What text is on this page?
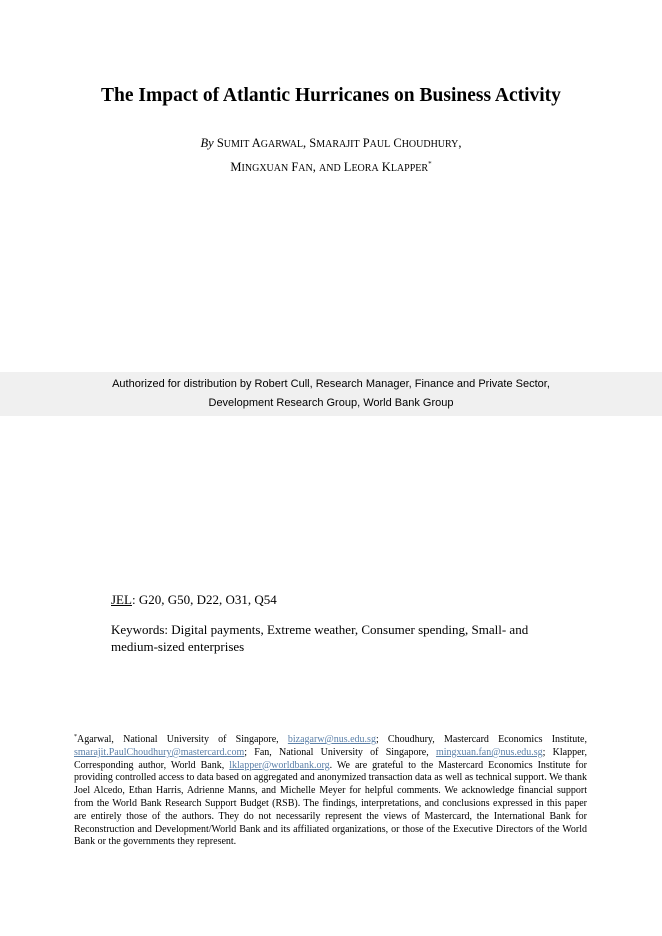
The Impact of Atlantic Hurricanes on Business Activity
By SUMIT AGARWAL, SMARAJIT PAUL CHOUDHURY,
MINGXUAN FAN, AND LEORA KLAPPER*
Authorized for distribution by Robert Cull, Research Manager, Finance and Private Sector,
Development Research Group, World Bank Group
JEL: G20, G50, D22, O31, Q54
Keywords: Digital payments, Extreme weather, Consumer spending, Small- and medium-sized enterprises
*Agarwal, National University of Singapore, bizagarw@nus.edu.sg; Choudhury, Mastercard Economics Institute, smarajit.PaulChoudhury@mastercard.com; Fan, National University of Singapore, mingxuan.fan@nus.edu.sg; Klapper, Corresponding author, World Bank, lklapper@worldbank.org. We are grateful to the Mastercard Economics Institute for providing controlled access to data based on aggregated and anonymized transaction data as well as technical support. We thank Joel Alcedo, Ethan Harris, Adrienne Manns, and Michelle Meyer for helpful comments. We acknowledge financial support from the World Bank Research Support Budget (RSB). The findings, interpretations, and conclusions expressed in this paper are entirely those of the authors. They do not necessarily represent the views of Mastercard, the International Bank for Reconstruction and Development/World Bank and its affiliated organizations, or those of the Executive Directors of the World Bank or the governments they represent.
